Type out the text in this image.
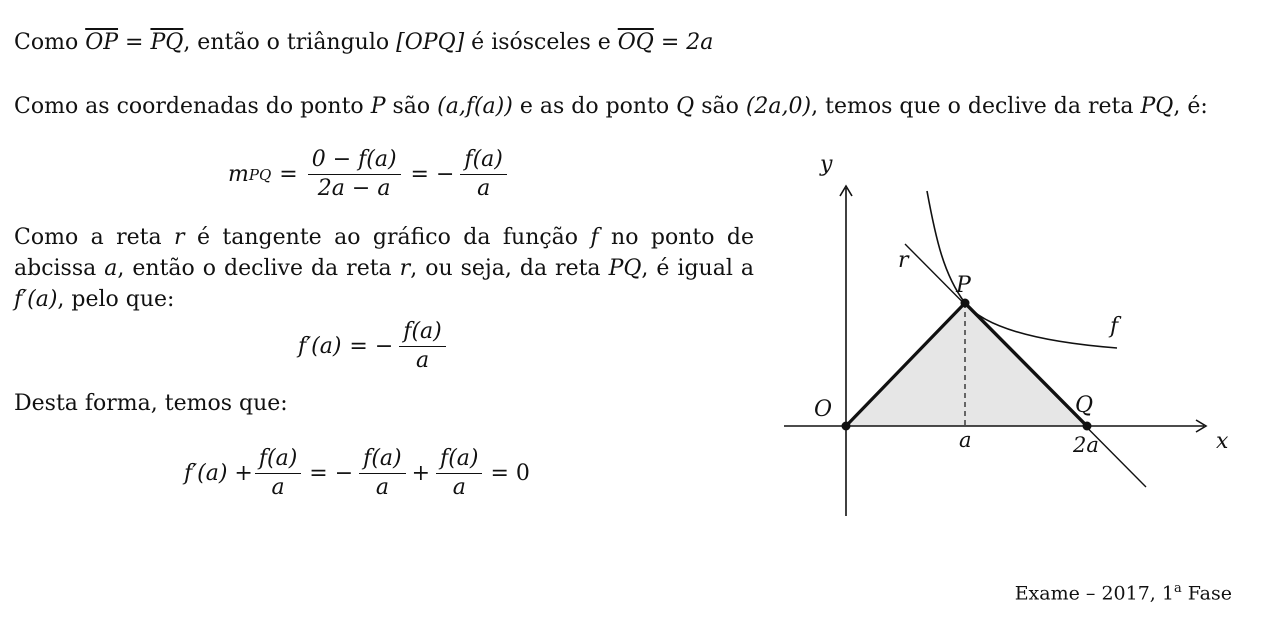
Como $\overline{OP} = \overline{PQ}$, então o triângulo [OPQ] é isósceles e $\overline{OQ} = 2a$
Como as coordenadas do ponto P são (a,f(a)) e as do ponto Q são (2a,0), temos que o declive da reta PQ, é:
m PQ = $\frac{0 - f(a)}{2a - a}$ = − $\frac{f(a)}{a}$
Como a reta r é tangente ao gráfico da função f no ponto de abcissa a, então o declive da reta r, ou seja, da reta PQ, é igual a f′(a), pelo que:
f′(a) = − $\frac{f(a)}{a}$
Desta forma, temos que:
$f'(a) + \frac{f(a)}{a}$ = − $\frac{f(a)}{a} + \frac{f(a)}{a} = 0$
y
x
r
P
f
O	Q
a	2a
Exame – 2017, 1$^a$ Fase
